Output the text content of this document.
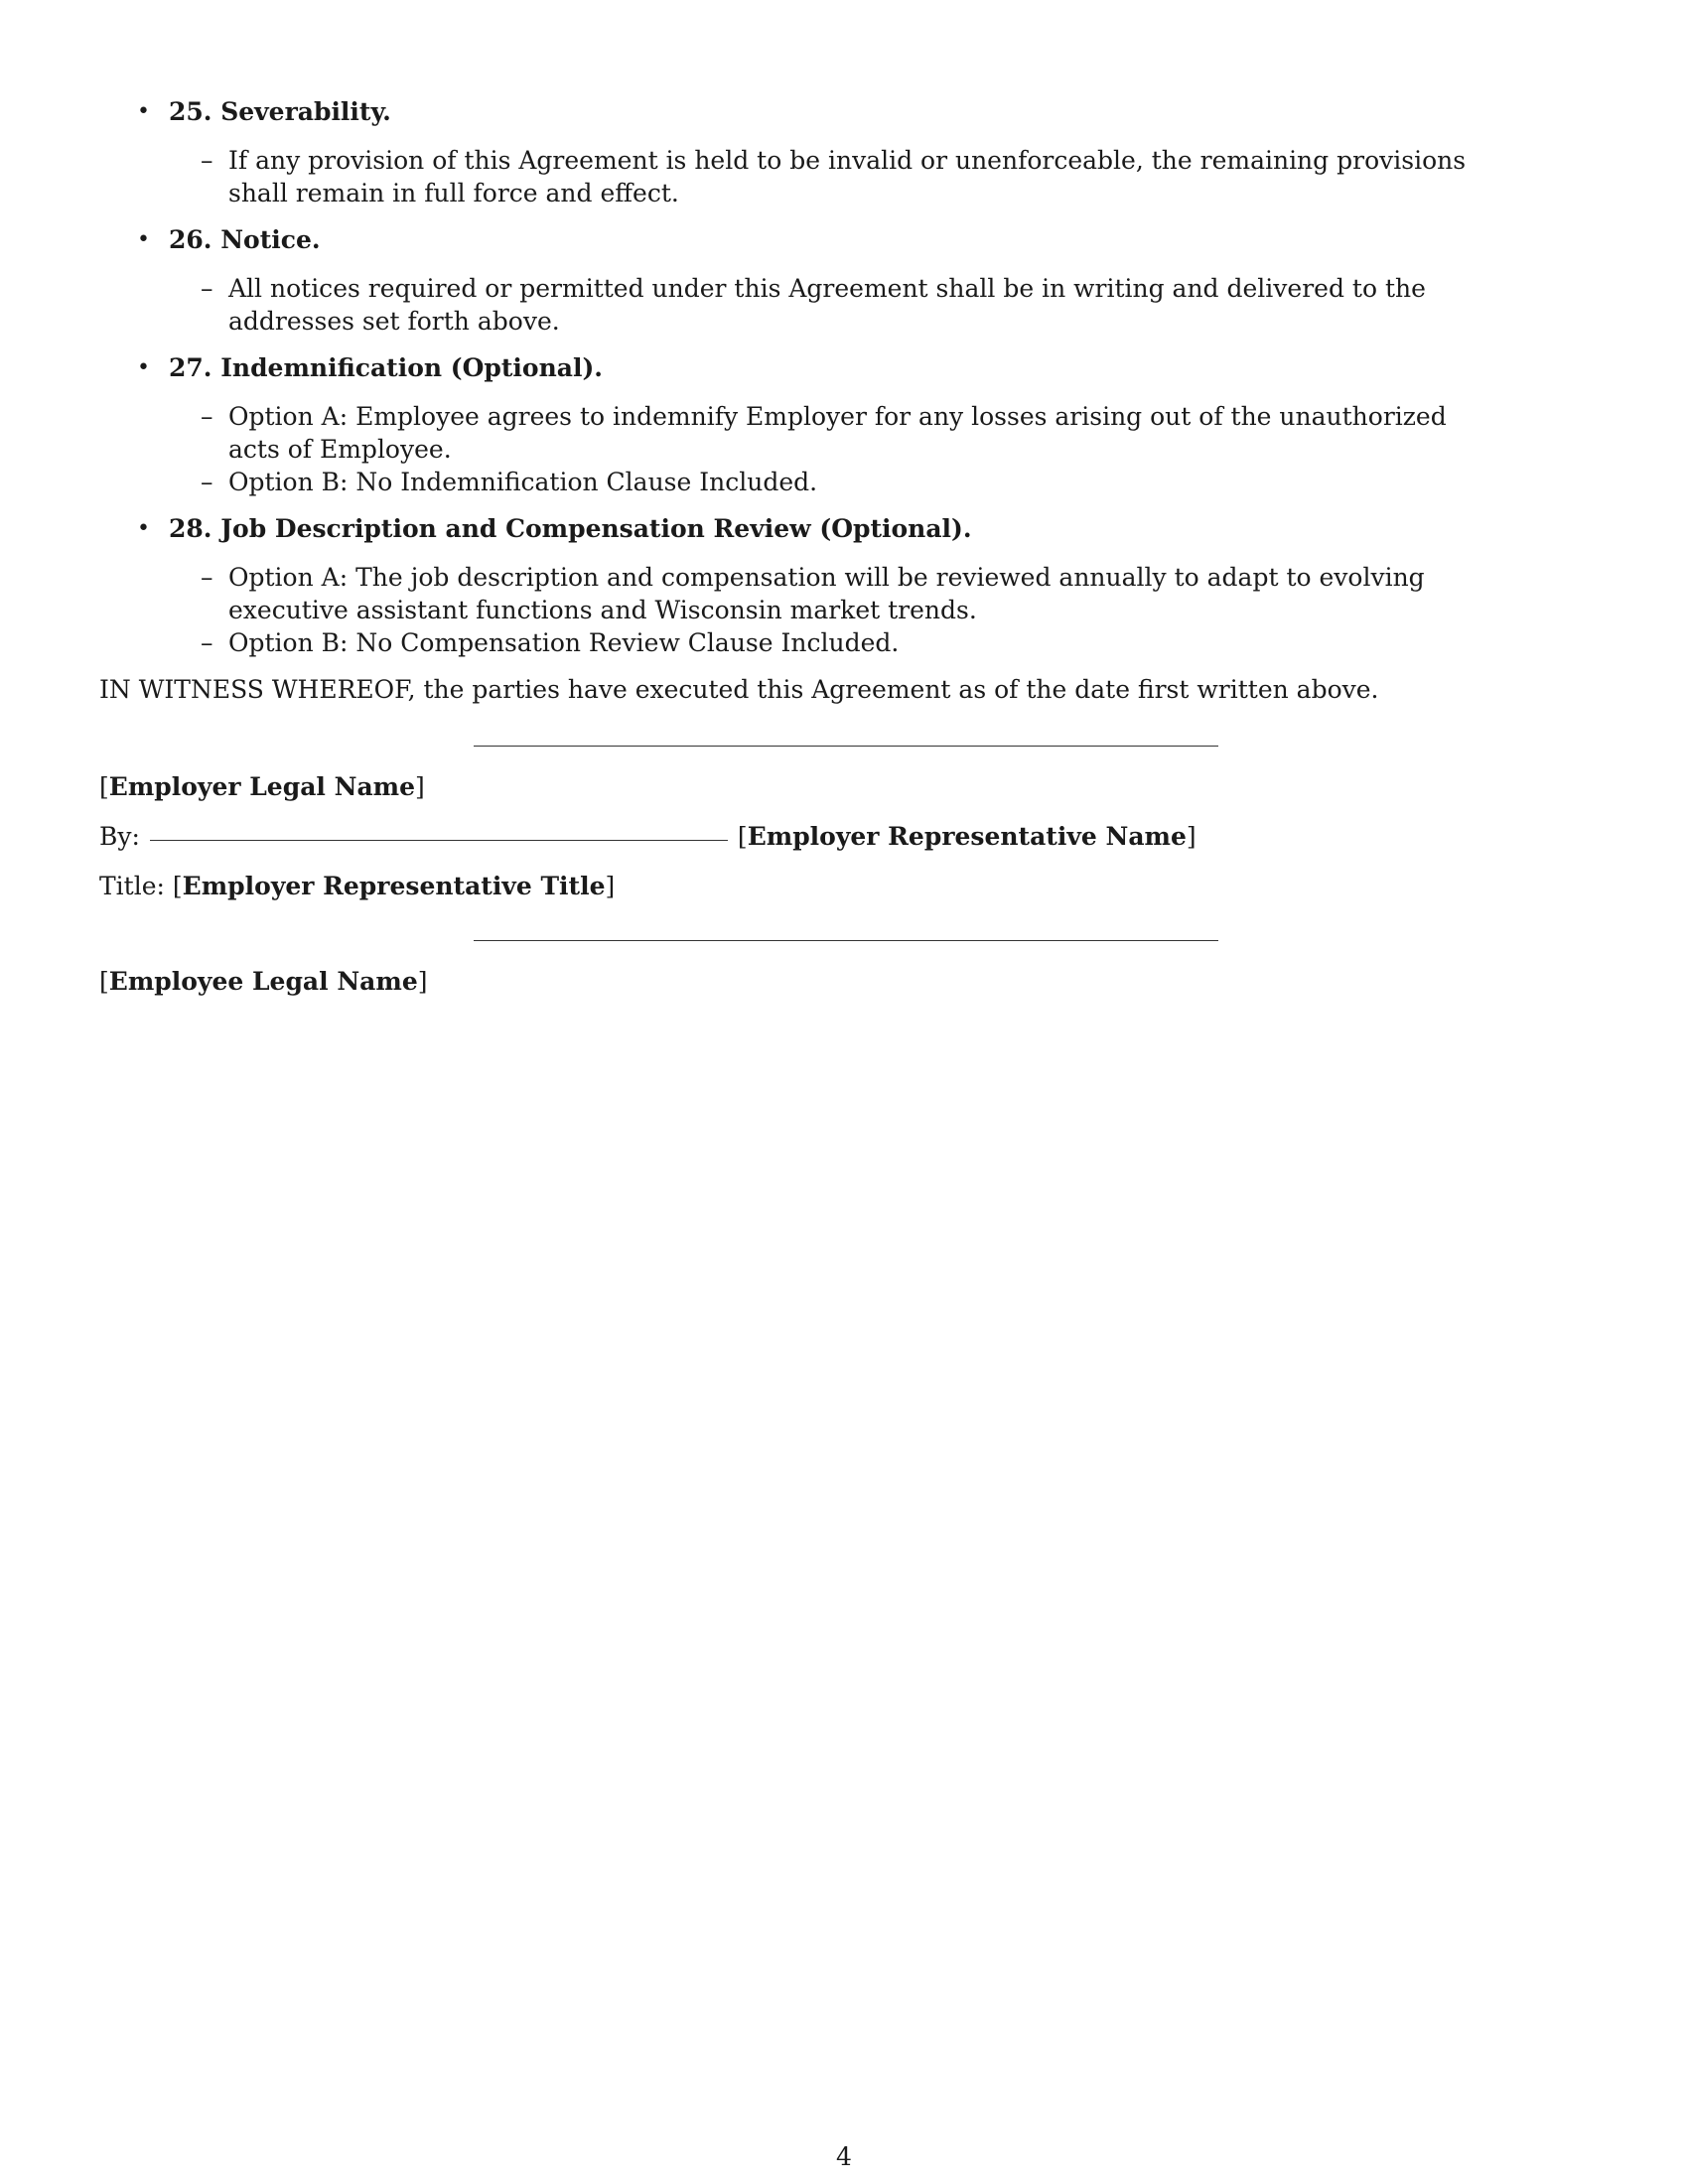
• 25. Severability.
– If any provision of this Agreement is held to be invalid or unenforceable, the remaining provisions shall remain in full force and effect.
• 26. Notice.
– All notices required or permitted under this Agreement shall be in writing and delivered to the addresses set forth above.
• 27. Indemnification (Optional).
– Option A: Employee agrees to indemnify Employer for any losses arising out of the unauthorized acts of Employee.
– Option B: No Indemnification Clause Included.
• 28. Job Description and Compensation Review (Optional).
– Option A: The job description and compensation will be reviewed annually to adapt to evolving executive assistant functions and Wisconsin market trends.
– Option B: No Compensation Review Clause Included.
IN WITNESS WHEREOF, the parties have executed this Agreement as of the date first written above.
[Employer Legal Name]
By:	[ Employer Representative Name ]
Title: [Employer Representative Title]
[Employee Legal Name]
4
